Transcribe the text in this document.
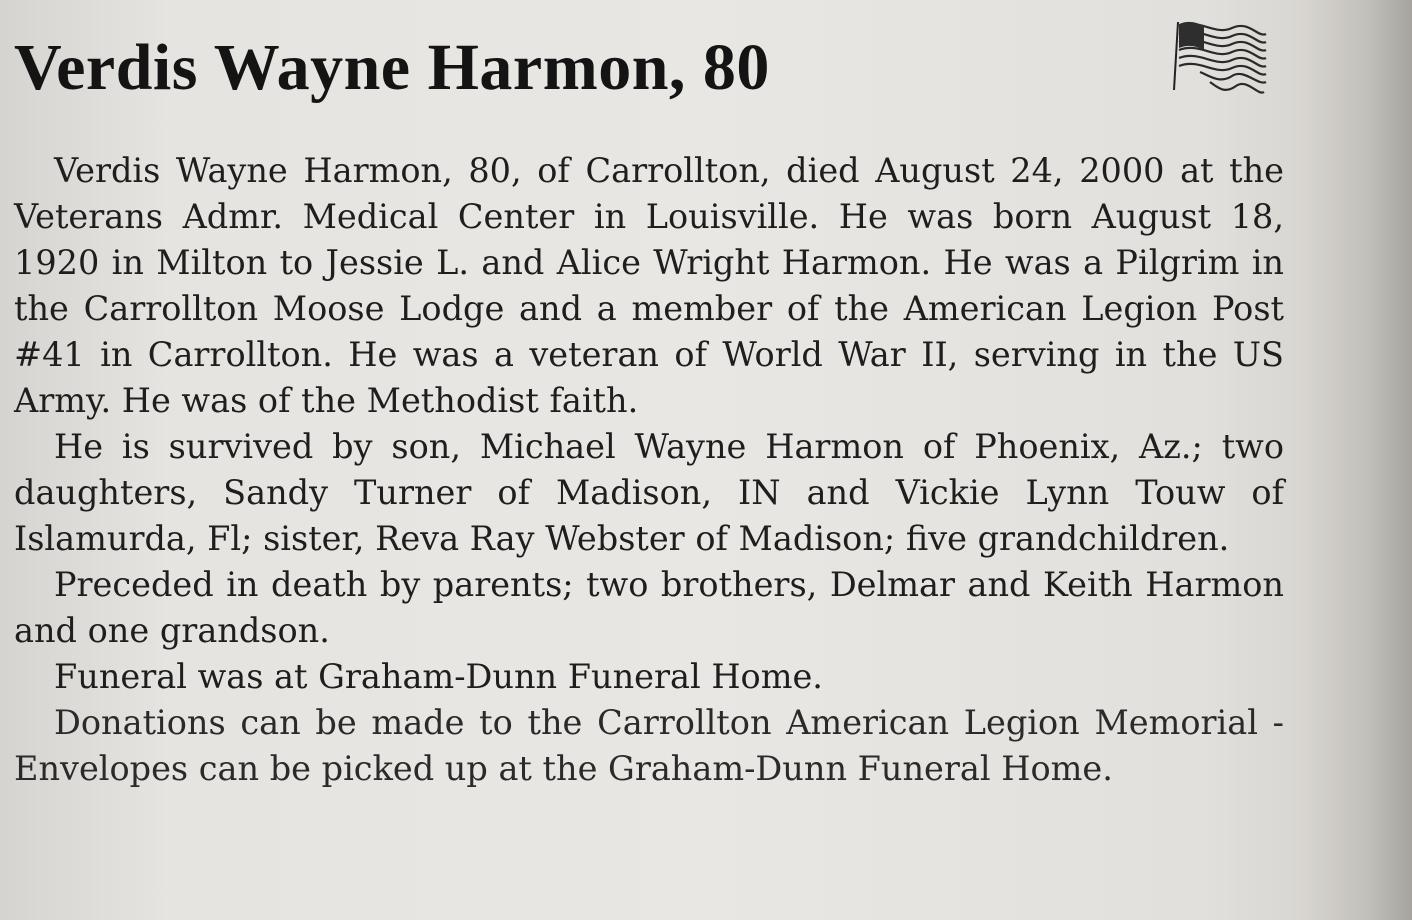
Verdis Wayne Harmon, 80

Verdis Wayne Harmon, 80, of Carrollton, died August 24, 2000 at the Veterans Admr. Medical Center in Louisville. He was born August 18, 1920 in Milton to Jessie L. and Alice Wright Harmon. He was a Pilgrim in the Carrollton Moose Lodge and a member of the American Legion Post #41 in Carrollton. He was a veteran of World War II, serving in the US Army. He was of the Methodist faith.

He is survived by son, Michael Wayne Harmon of Phoenix, Az.; two daughters, Sandy Turner of Madison, IN and Vickie Lynn Touw of Islamurda, Fl; sister, Reva Ray Webster of Madison; five grandchildren.

Preceded in death by parents; two brothers, Delmar and Keith Harmon and one grandson.

Funeral was at Graham-Dunn Funeral Home.

Donations can be made to the Carrollton American Legion Memorial - Envelopes can be picked up at the Graham-Dunn Funeral Home.
